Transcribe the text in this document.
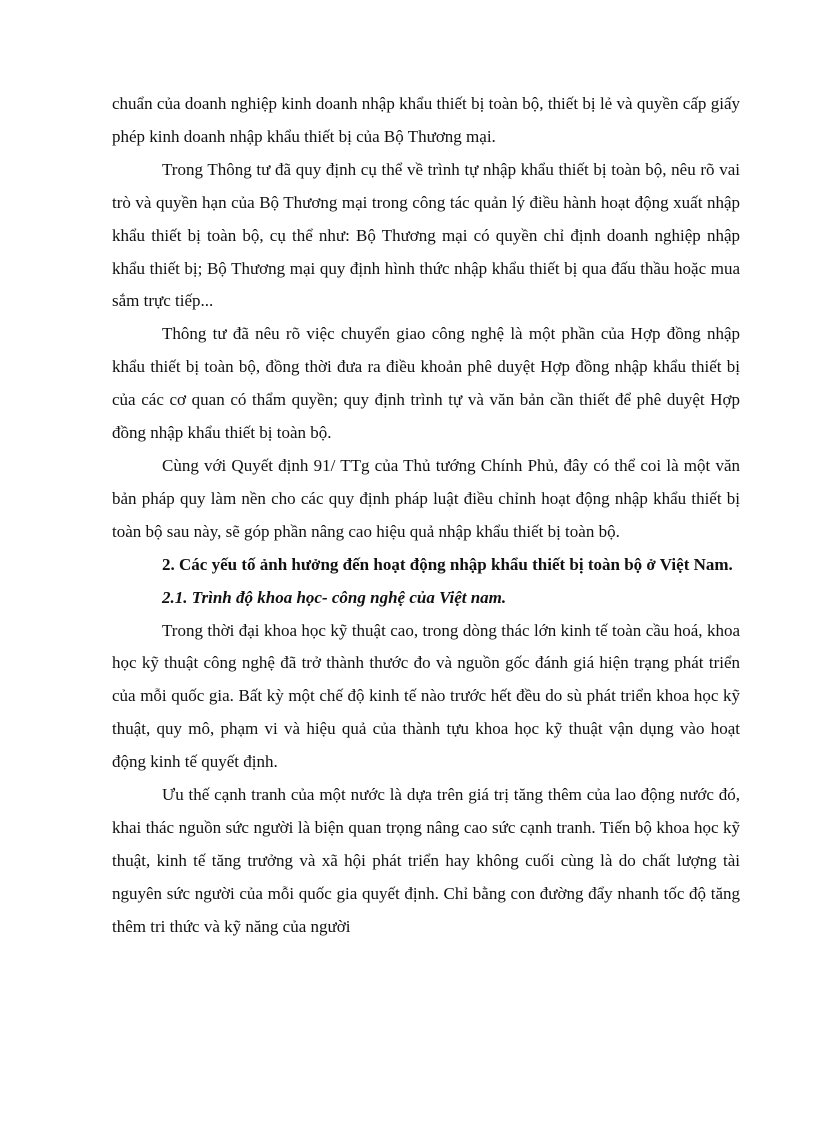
chuẩn của doanh nghiệp kinh doanh nhập khẩu thiết bị toàn bộ, thiết bị lẻ và quyền cấp giấy phép kinh doanh nhập khẩu thiết bị của Bộ Thương mại.

Trong Thông tư đã quy định cụ thể về trình tự nhập khẩu thiết bị toàn bộ, nêu rõ vai trò và quyền hạn của Bộ Thương mại trong công tác quản lý điều hành hoạt động xuất nhập khẩu thiết bị toàn bộ, cụ thể như: Bộ Thương mại có quyền chỉ định doanh nghiệp nhập khẩu thiết bị; Bộ Thương mại quy định hình thức nhập khẩu thiết bị qua đấu thầu hoặc mua sắm trực tiếp...

Thông tư đã nêu rõ việc chuyển giao công nghệ là một phần của Hợp đồng nhập khẩu thiết bị toàn bộ, đồng thời đưa ra điều khoản phê duyệt Hợp đồng nhập khẩu thiết bị của các cơ quan có thẩm quyền; quy định trình tự và văn bản cần thiết để phê duyệt Hợp đồng nhập khẩu thiết bị toàn bộ.

Cùng với Quyết định 91/ TTg của Thủ tướng Chính Phủ, đây có thể coi là một văn bản pháp quy làm nền cho các quy định pháp luật điều chỉnh hoạt động nhập khẩu thiết bị toàn bộ sau này, sẽ góp phần nâng cao hiệu quả nhập khẩu thiết bị toàn bộ.

2. Các yếu tố ảnh hưởng đến hoạt động nhập khẩu thiết bị toàn bộ ở Việt Nam.

2.1. Trình độ khoa học- công nghệ của Việt nam.

Trong thời đại khoa học kỹ thuật cao, trong dòng thác lớn kinh tế toàn cầu hoá, khoa học kỹ thuật công nghệ đã trở thành thước đo và nguồn gốc đánh giá hiện trạng phát triển của mỗi quốc gia. Bất kỳ một chế độ kinh tế nào trước hết đều do sù phát triển khoa học kỹ thuật, quy mô, phạm vi và hiệu quả của thành tựu khoa học kỹ thuật vận dụng vào hoạt động kinh tế quyết định.

Ưu thế cạnh tranh của một nước là dựa trên giá trị tăng thêm của lao động nước đó, khai thác nguồn sức người là biện quan trọng nâng cao sức cạnh tranh. Tiến bộ khoa học kỹ thuật, kinh tế tăng trưởng và xã hội phát triển hay không cuối cùng là do chất lượng tài nguyên sức người của mỗi quốc gia quyết định. Chỉ bằng con đường đẩy nhanh tốc độ tăng thêm tri thức và kỹ năng của người
